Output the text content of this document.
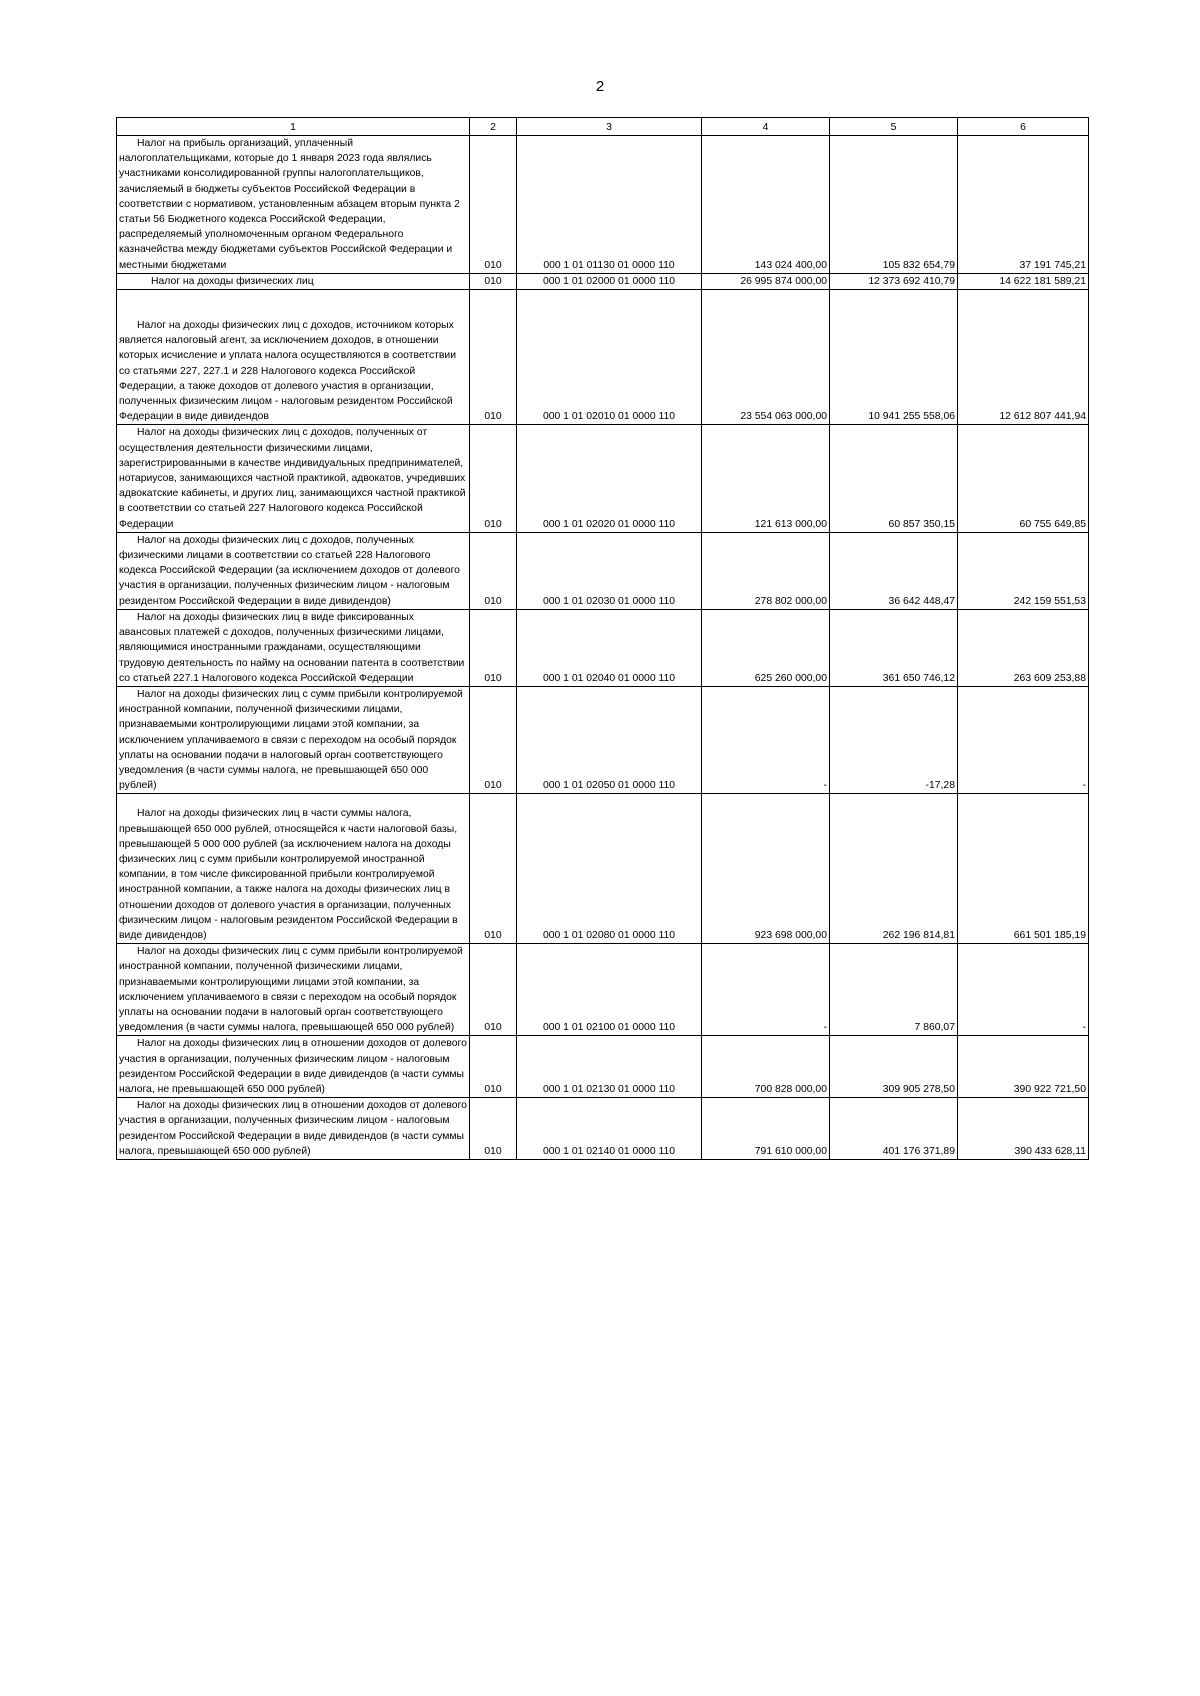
2
1	2	3	4	5	6

Налог на прибыль организаций, уплаченный налогоплательщиками, которые до 1 января 2023 года являлись участниками консолидированной группы налогоплательщиков, зачисляемый в бюджеты субъектов Российской Федерации в соответствии с нормативом, установленным абзацем вторым пункта 2 статьи 56 Бюджетного кодекса Российской Федерации, распределяемый уполномоченным органом Федерального казначейства между бюджетами субъектов Российской Федерации и местными бюджетами	010	000 1 01 01130 01 0000 110	143 024 400,00	105 832 654,79	37 191 745,21

Налог на доходы физических лиц	010	000 1 01 02000 01 0000 110	26 995 874 000,00	12 373 692 410,79	14 622 181 589,21

Налог на доходы физических лиц с доходов, источником которых является налоговый агент, за исключением доходов, в отношении которых исчисление и уплата налога осуществляются в соответствии со статьями 227, 227.1 и 228 Налогового кодекса Российской Федерации, а также доходов от долевого участия в организации, полученных физическим лицом - налоговым резидентом Российской Федерации в виде дивидендов	010	000 1 01 02010 01 0000 110	23 554 063 000,00	10 941 255 558,06	12 612 807 441,94

Налог на доходы физических лиц с доходов, полученных от осуществления деятельности физическими лицами, зарегистрированными в качестве индивидуальных предпринимателей, нотариусов, занимающихся частной практикой, адвокатов, учредивших адвокатские кабинеты, и других лиц, занимающихся частной практикой в соответствии со статьей 227 Налогового кодекса Российской Федерации	010	000 1 01 02020 01 0000 110	121 613 000,00	60 857 350,15	60 755 649,85

Налог на доходы физических лиц с доходов, полученных физическими лицами в соответствии со статьей 228 Налогового кодекса Российской Федерации (за исключением доходов от долевого участия в организации, полученных физическим лицом - налоговым резидентом Российской Федерации в виде дивидендов)	010	000 1 01 02030 01 0000 110	278 802 000,00	36 642 448,47	242 159 551,53

Налог на доходы физических лиц в виде фиксированных авансовых платежей с доходов, полученных физическими лицами, являющимися иностранными гражданами, осуществляющими трудовую деятельность по найму на основании патента в соответствии со статьей 227.1 Налогового кодекса Российской Федерации	010	000 1 01 02040 01 0000 110	625 260 000,00	361 650 746,12	263 609 253,88

Налог на доходы физических лиц с сумм прибыли контролируемой иностранной компании, полученной физическими лицами, признаваемыми контролирующими лицами этой компании, за исключением уплачиваемого в связи с переходом на особый порядок уплаты на основании подачи в налоговый орган соответствующего уведомления (в части суммы налога, не превышающей 650 000 рублей)	010	000 1 01 02050 01 0000 110	-	-17,28	-

Налог на доходы физических лиц в части суммы налога, превышающей 650 000 рублей, относящейся к части налоговой базы, превышающей 5 000 000 рублей (за исключением налога на доходы физических лиц с сумм прибыли контролируемой иностранной компании, в том числе фиксированной прибыли контролируемой иностранной компании, а также налога на доходы физических лиц в отношении доходов от долевого участия в организации, полученных физическим лицом - налоговым резидентом Российской Федерации в виде дивидендов)	010	000 1 01 02080 01 0000 110	923 698 000,00	262 196 814,81	661 501 185,19

Налог на доходы физических лиц с сумм прибыли контролируемой иностранной компании, полученной физическими лицами, признаваемыми контролирующими лицами этой компании, за исключением уплачиваемого в связи с переходом на особый порядок уплаты на основании подачи в налоговый орган соответствующего уведомления (в части суммы налога, превышающей 650 000 рублей)	010	000 1 01 02100 01 0000 110	-	7 860,07	-

Налог на доходы физических лиц в отношении доходов от долевого участия в организации, полученных физическим лицом - налоговым резидентом Российской Федерации в виде дивидендов (в части суммы налога, не превышающей 650 000 рублей)	010	000 1 01 02130 01 0000 110	700 828 000,00	309 905 278,50	390 922 721,50

Налог на доходы физических лиц в отношении доходов от долевого участия в организации, полученных физическим лицом - налоговым резидентом Российской Федерации в виде дивидендов (в части суммы налога, превышающей 650 000 рублей)	010	000 1 01 02140 01 0000 110	791 610 000,00	401 176 371,89	390 433 628,11
